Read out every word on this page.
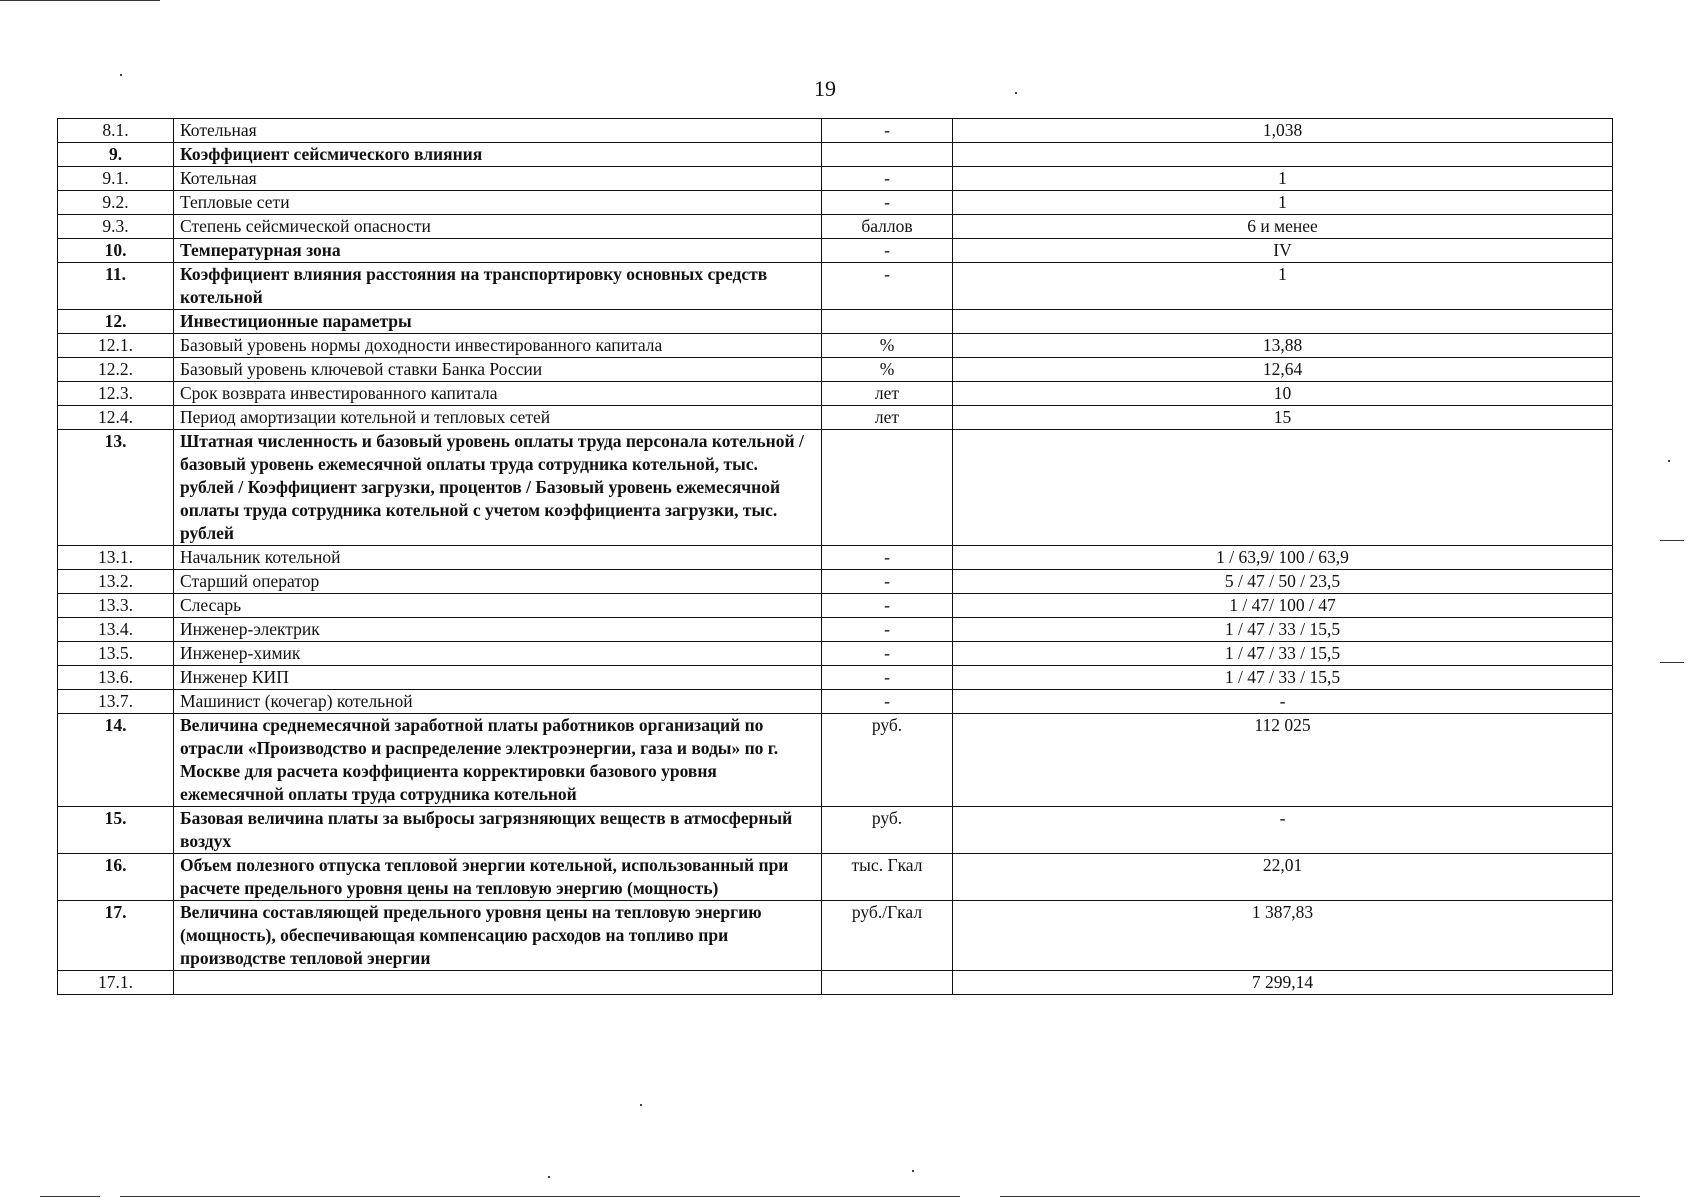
19
8.1.	Котельная	-	1,038
9.	Коэффициент сейсмического влияния		
9.1.	Котельная	-	1
9.2.	Тепловые сети	-	1
9.3.	Степень сейсмической опасности	баллов	6 и менее
10.	Температурная зона	-	IV
11.	Коэффициент влияния расстояния на транспортировку основных средств котельной	-	1
12.	Инвестиционные параметры		
12.1.	Базовый уровень нормы доходности инвестированного капитала	%	13,88
12.2.	Базовый уровень ключевой ставки Банка России	%	12,64
12.3.	Срок возврата инвестированного капитала	лет	10
12.4.	Период амортизации котельной и тепловых сетей	лет	15
13.	Штатная численность и базовый уровень оплаты труда персонала котельной / базовый уровень ежемесячной оплаты труда сотрудника котельной, тыс. рублей / Коэффициент загрузки, процентов / Базовый уровень ежемесячной оплаты труда сотрудника котельной с учетом коэффициента загрузки, тыс. рублей		
13.1.	Начальник котельной	-	1 / 63,9/ 100 / 63,9
13.2.	Старший оператор	-	5 / 47 / 50 / 23,5
13.3.	Слесарь	-	1 / 47/ 100 / 47
13.4.	Инженер-электрик	-	1 / 47 / 33 / 15,5
13.5.	Инженер-химик	-	1 / 47 / 33 / 15,5
13.6.	Инженер КИП	-	1 / 47 / 33 / 15,5
13.7.	Машинист (кочегар) котельной	-	-
14.	Величина среднемесячной заработной платы работников организаций по отрасли «Производство и распределение электроэнергии, газа и воды» по г. Москве для расчета коэффициента корректировки базового уровня ежемесячной оплаты труда сотрудника котельной	руб.	112 025
15.	Базовая величина платы за выбросы загрязняющих веществ в атмосферный воздух	руб.	-
16.	Объем полезного отпуска тепловой энергии котельной, использованный при расчете предельного уровня цены на тепловую энергию (мощность)	тыс. Гкал	22,01
17.	Величина составляющей предельного уровня цены на тепловую энергию (мощность), обеспечивающая компенсацию расходов на топливо при производстве тепловой энергии	руб./Гкал	1 387,83
17.1.			7 299,14
